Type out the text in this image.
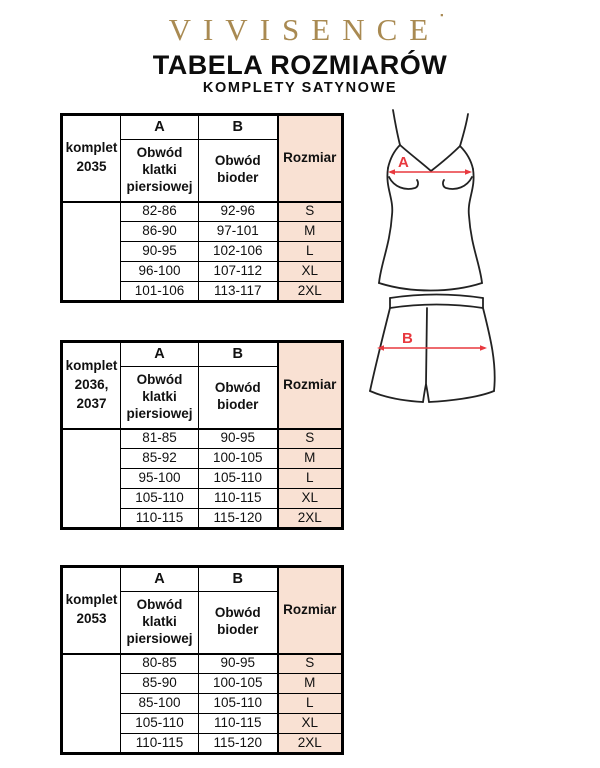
VIVISENCE▪
TABELA ROZMIARÓW
KOMPLETY SATYNOWE
komplet 2035	A	B	Rozmiar
	Obwód klatki piersiowej	Obwód bioder	
	82-86	92-96	S
	86-90	97-101	M
	90-95	102-106	L
	96-100	107-112	XL
	101-106	113-117	2XL
komplet 2036, 2037	A	B	Rozmiar
	Obwód klatki piersiowej	Obwód bioder	
	81-85	90-95	S
	85-92	100-105	M
	95-100	105-110	L
	105-110	110-115	XL
	110-115	115-120	2XL
komplet 2053	A	B	Rozmiar
	Obwód klatki piersiowej	Obwód bioder	
	80-85	90-95	S
	85-90	100-105	M
	85-100	105-110	L
	105-110	110-115	XL
	110-115	115-120	2XL
A
B
